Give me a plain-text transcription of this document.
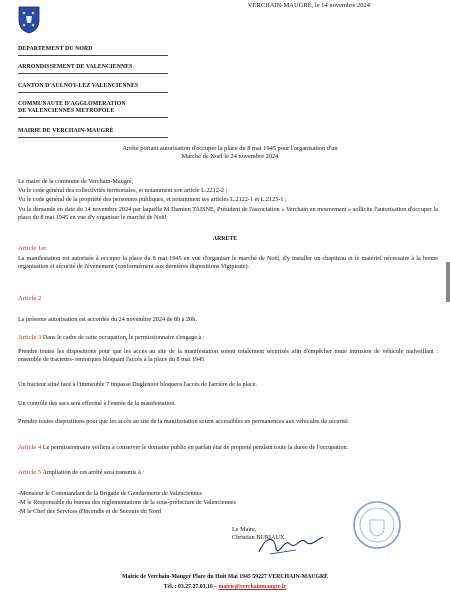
VERCHAIN-MAUGRÉ, le 14 novembre 2024
DEPARTEMENT DU NORD
ARRONDISSEMENT DE VALENCIENNES
CANTON D'AULNOY-LEZ VALENCIENNES
COMMUNAUTE D'AGGLOMERATION
DE VALENCIENNES METROPOLE
MAIRIE DE VERCHAIN-MAUGRÉ
Arrêté portant autorisation d'occuper la place du 8 mai 1945 pour l'organisation d'un
Marché de Noël le 24 novembre 2024
Le maire de la commune de Verchain-Maugré,
Vu le code général des collectivités territoriales, et notamment son article L.2212-2 ;
Vu le code général de la propriété des personnes publiques, et notamment ses articles L.2122-1 et L.2125-1 ;
Vu la demande en date du 14 novembre 2024 par laquelle M Damien TAISNE, Président de l'association « Verchain en mouvement » sollicite l'autorisation d'occuper la place du 8 mai 1945 en vue d'y organiser le marché de Noël
ARRETE
Article 1er
La manifestation est autorisée à occuper la place du 8 mai 1945 en vue d'organiser le marché de Noël, d'y installer un chapiteau et le matériel nécessaire à la bonne organisation et sécurité de l'évènement (conformément aux dernières dispositions Vigipirate).
Article 2
La présente autorisation est accordée du 24 novembre 2024 de 8h à 20h.
Article 3 Dans le cadre de cette occupation, le permissionnaire s'engage à :
Prendre toutes les dispositions pour que les accès au site de la manifestation soient totalement sécurisés afin d'empêcher toute intrusion de véhicule malveillant : ensemble de tracteurs- remorques bloquant l'accès à la place du 8 mai 1945
Un tracteur situé face à l'immeuble 7 impasse Duglenoor bloquera l'accès de l'arrière de la place.
Un contrôle des sacs sera effectué à l'entrée de la manifestation.
Prendre toutes dispositions pour que les accès au site de la manifestation soient accessibles en permanences aux véhicules de sécurité.
Article 4 Le permissionnaire veillera à conserver le domaine public en parfait état de propreté pendant toute la durée de l'occupation.
Article 5 Ampliation de cet arrêté sera transmis à :
-Monsieur le Commandant de la Brigade de Gendarmerie de Valenciennes
-M le Responsable du bureau des réglementations de la sous-préfecture de Valenciennes
-M le Chef des Services d'Incendie et de Secours du Nord
Le Maire,
Christian BURIAUX
Mairie de Verchain-Maugré Place du Huit Mai 1945 59227 VERCHAIN-MAUGRÉ
Tél. : 03.27.27.03.16 – mairie@verchainmaugre.fr
